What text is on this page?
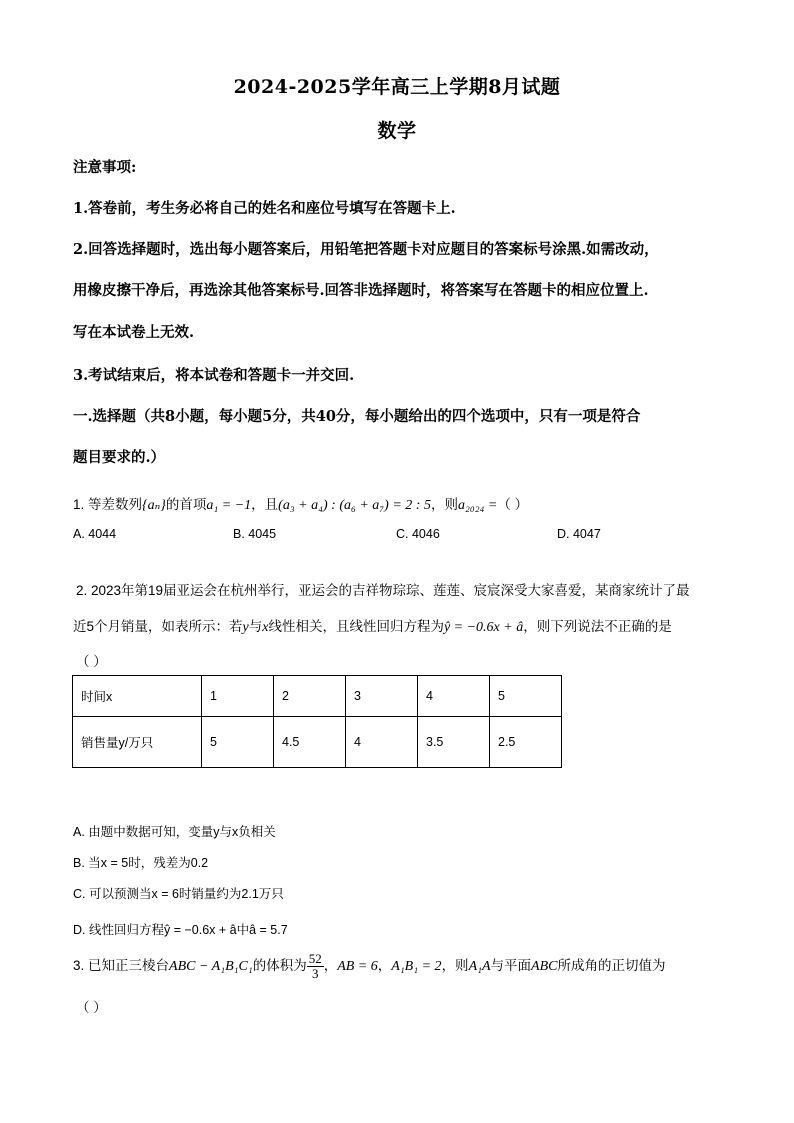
2024-2025学年高三上学期8月试题
数学
注意事项:
1.答卷前，考生务必将自己的姓名和座位号填写在答题卡上.
2.回答选择题时，选出每小题答案后，用铅笔把答题卡对应题目的答案标号涂黑.如需改动，
用橡皮擦干净后，再选涂其他答案标号.回答非选择题时，将答案写在答题卡的相应位置上.
写在本试卷上无效.
3.考试结束后，将本试卷和答题卡一并交回.
一.选择题（共8小题，每小题5分，共40分，每小题给出的四个选项中，只有一项是符合
题目要求的.）
1. 等差数列{aₙ}的首项a₁ = −1，且(a₃ + a₄) : (a₆ + a₇) = 2 : 5，则a₂₀₂₄ =（ ）
A. 4044	B. 4045	C. 4046	D. 4047
2. 2023年第19届亚运会在杭州举行，亚运会的吉祥物琮琮、莲莲、宸宸深受大家喜爱，某商家统计了最
近5个月销量，如表所示：若y与x线性相关，且线性回归方程为ŷ = −0.6x + â，则下列说法不正确的是
（ ）
时间x	1	2	3	4	5
销售量y/万只	5	4.5	4	3.5	2.5
A. 由题中数据可知，变量y与x负相关
B. 当x = 5时，残差为0.2
C. 可以预测当x = 6时销量约为2.1万只
D. 线性回归方程ŷ = −0.6x + â中â = 5.7
3. 已知正三棱台ABC − A₁B₁C₁的体积为 $\frac{52}{3}$ ，AB = 6，A₁B₁ = 2，则A₁A与平面ABC所成角的正切值为
（ ）
